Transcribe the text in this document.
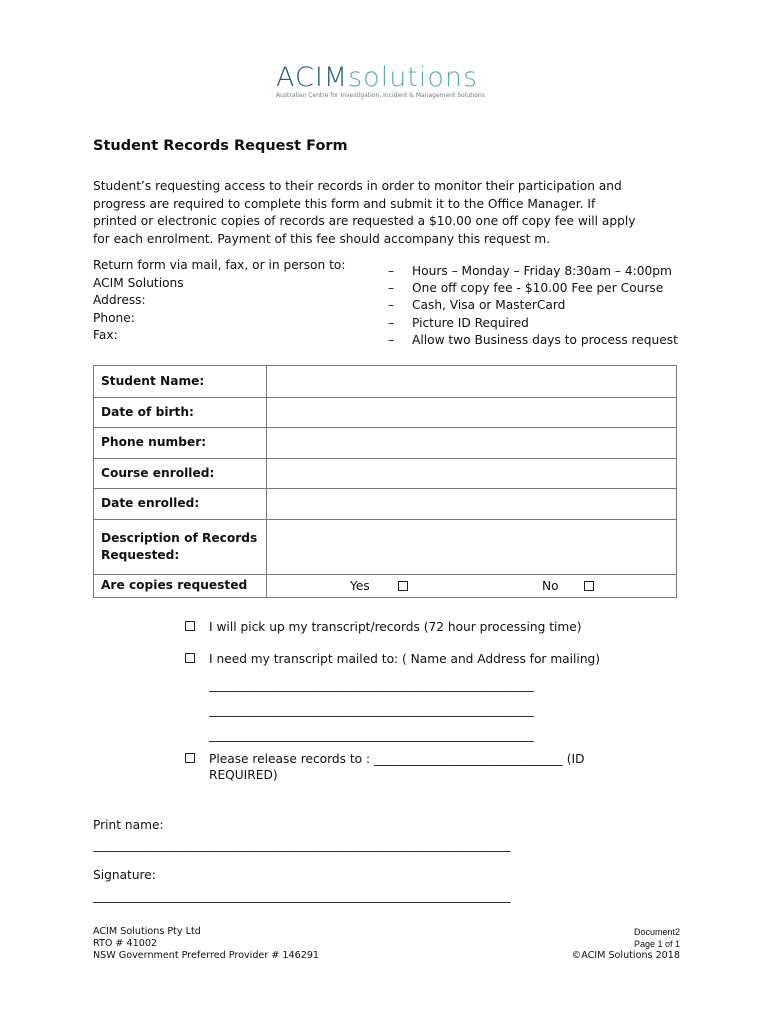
ACIMsolutions
Australian Centre for Investigation, Incident & Management Solutions
Student Records Request Form

Student’s requesting access to their records in order to monitor their participation and

progress are required to complete this form and submit it to the Office Manager. If

printed or electronic copies of records are requested a $10.00 one off copy fee will apply

for each enrolment. Payment of this fee should accompany this request m.

Return form via mail, fax, or in person to:
ACIM Solutions
Address:
Phone:
Fax:
– Hours – Monday – Friday 8:30am – 4:00pm
– One off copy fee - $10.00 Fee per Course
– Cash, Visa or MasterCard
– Picture ID Required
– Allow two Business days to process request
Student Name:	
Date of birth:	
Phone number:	
Course enrolled:	
Date enrolled:	
Description of Records Requested:	
Are copies requested	Yes No
I will pick up my transcript/records (72 hour processing time)
I need my transcript mailed to: ( Name and Address for mailing)
________________________________________________________
________________________________________________________
________________________________________________________
Please release records to : _______________________________ (ID
REQUIRED)
Print name:
________________________________________________________________________
Signature:
________________________________________________________________________
ACIM Solutions Pty Ltd
RTO # 41002
NSW Government Preferred Provider # 146291
Document2
Page 1 of 1
©ACIM Solutions 2018
